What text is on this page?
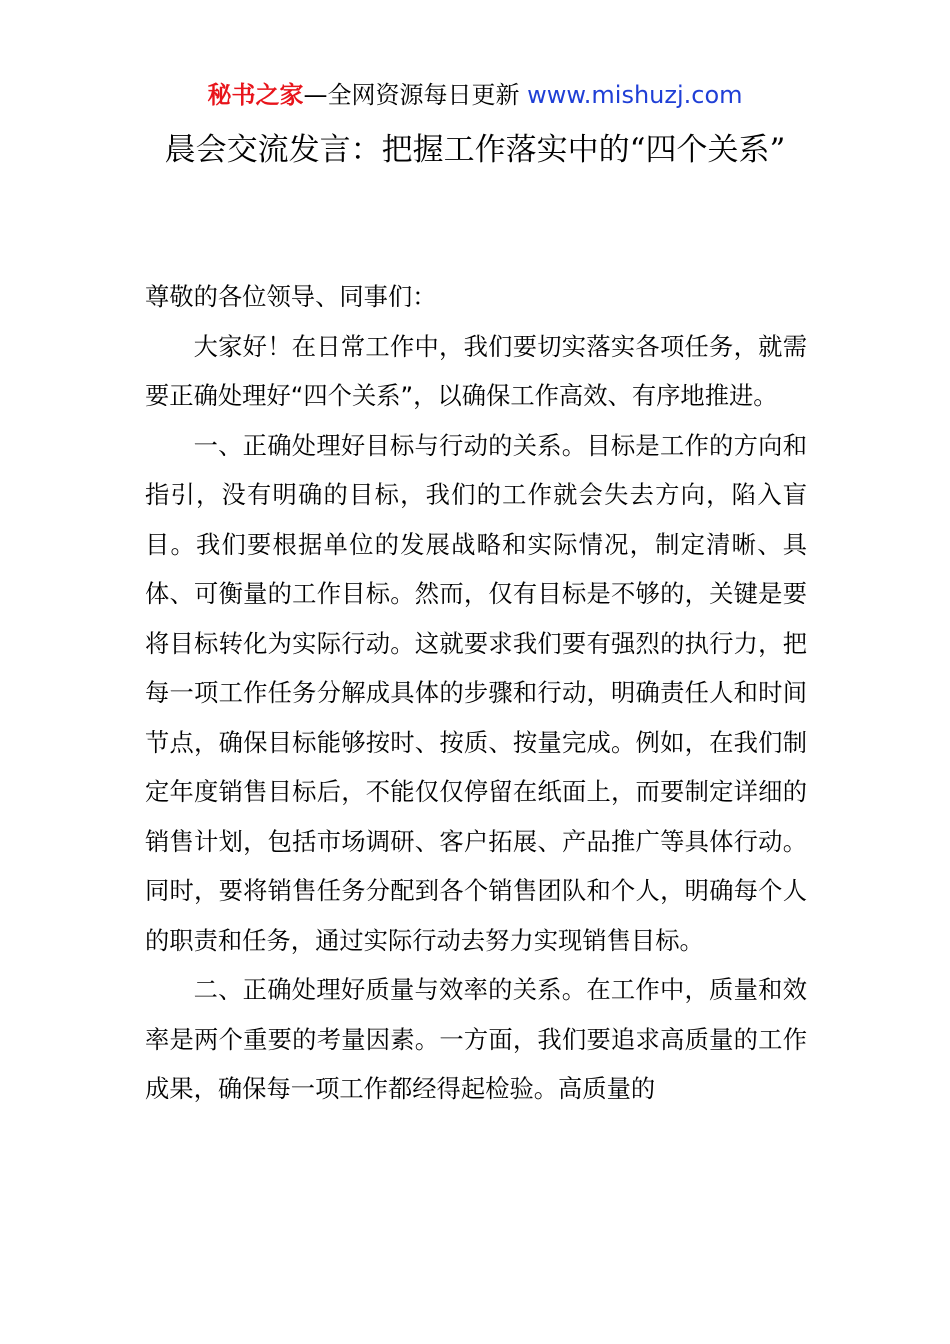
秘书之家—全网资源每日更新 www.mishuzj.com
晨会交流发言：把握工作落实中的“四个关系”

尊敬的各位领导、同事们：

大家好！在日常工作中，我们要切实落实各项任务，就需要正确处理好“四个关系”，以确保工作高效、有序地推进。

一、正确处理好目标与行动的关系。目标是工作的方向和指引，没有明确的目标，我们的工作就会失去方向，陷入盲目。我们要根据单位的发展战略和实际情况，制定清晰、具体、可衡量的工作目标。然而，仅有目标是不够的，关键是要将目标转化为实际行动。这就要求我们要有强烈的执行力，把每一项工作任务分解成具体的步骤和行动，明确责任人和时间节点，确保目标能够按时、按质、按量完成。例如，在我们制定年度销售目标后，不能仅仅停留在纸面上，而要制定详细的销售计划，包括市场调研、客户拓展、产品推广等具体行动。同时，要将销售任务分配到各个销售团队和个人，明确每个人的职责和任务，通过实际行动去努力实现销售目标。

二、正确处理好质量与效率的关系。在工作中，质量和效率是两个重要的考量因素。一方面，我们要追求高质量的工作成果，确保每一项工作都经得起检验。高质量的
